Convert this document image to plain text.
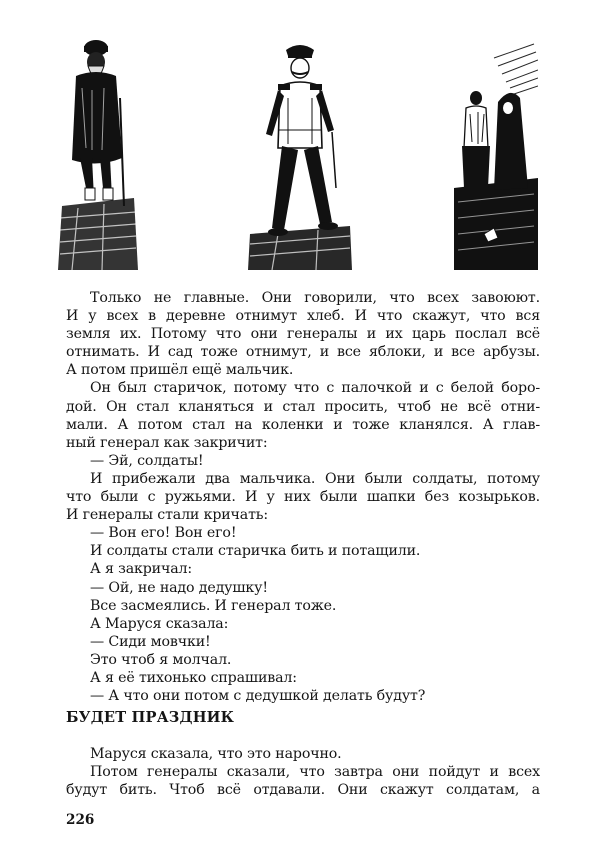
Только не главные. Они говорили, что всех завоюют.
И у всех в деревне отнимут хлеб. И что скажут, что вся
земля их. Потому что они генералы и их царь послал всё
отнимать. И сад тоже отнимут, и все яблоки, и все арбузы.
А потом пришёл ещё мальчик.
Он был старичок, потому что с палочкой и с белой боро-
дой. Он стал кланяться и стал просить, чтоб не всё отни-
мали. А потом стал на коленки и тоже кланялся. А глав-
ный генерал как закричит:
— Эй, солдаты!
И прибежали два мальчика. Они были солдаты, потому
что были с ружьями. И у них были шапки без козырьков.
И генералы стали кричать:
— Вон его! Вон его!
И солдаты стали старичка бить и потащили.
А я закричал:
— Ой, не надо дедушку!
Все засмеялись. И генерал тоже.
А Маруся сказала:
— Сиди мовчки!
Это чтоб я молчал.
А я её тихонько спрашивал:
— А что они потом с дедушкой делать будут?
БУДЕТ ПРАЗДНИК
Маруся сказала, что это нарочно.
Потом генералы сказали, что завтра они пойдут и всех
будут бить. Чтоб всё отдавали. Они скажут солдатам, а
226
